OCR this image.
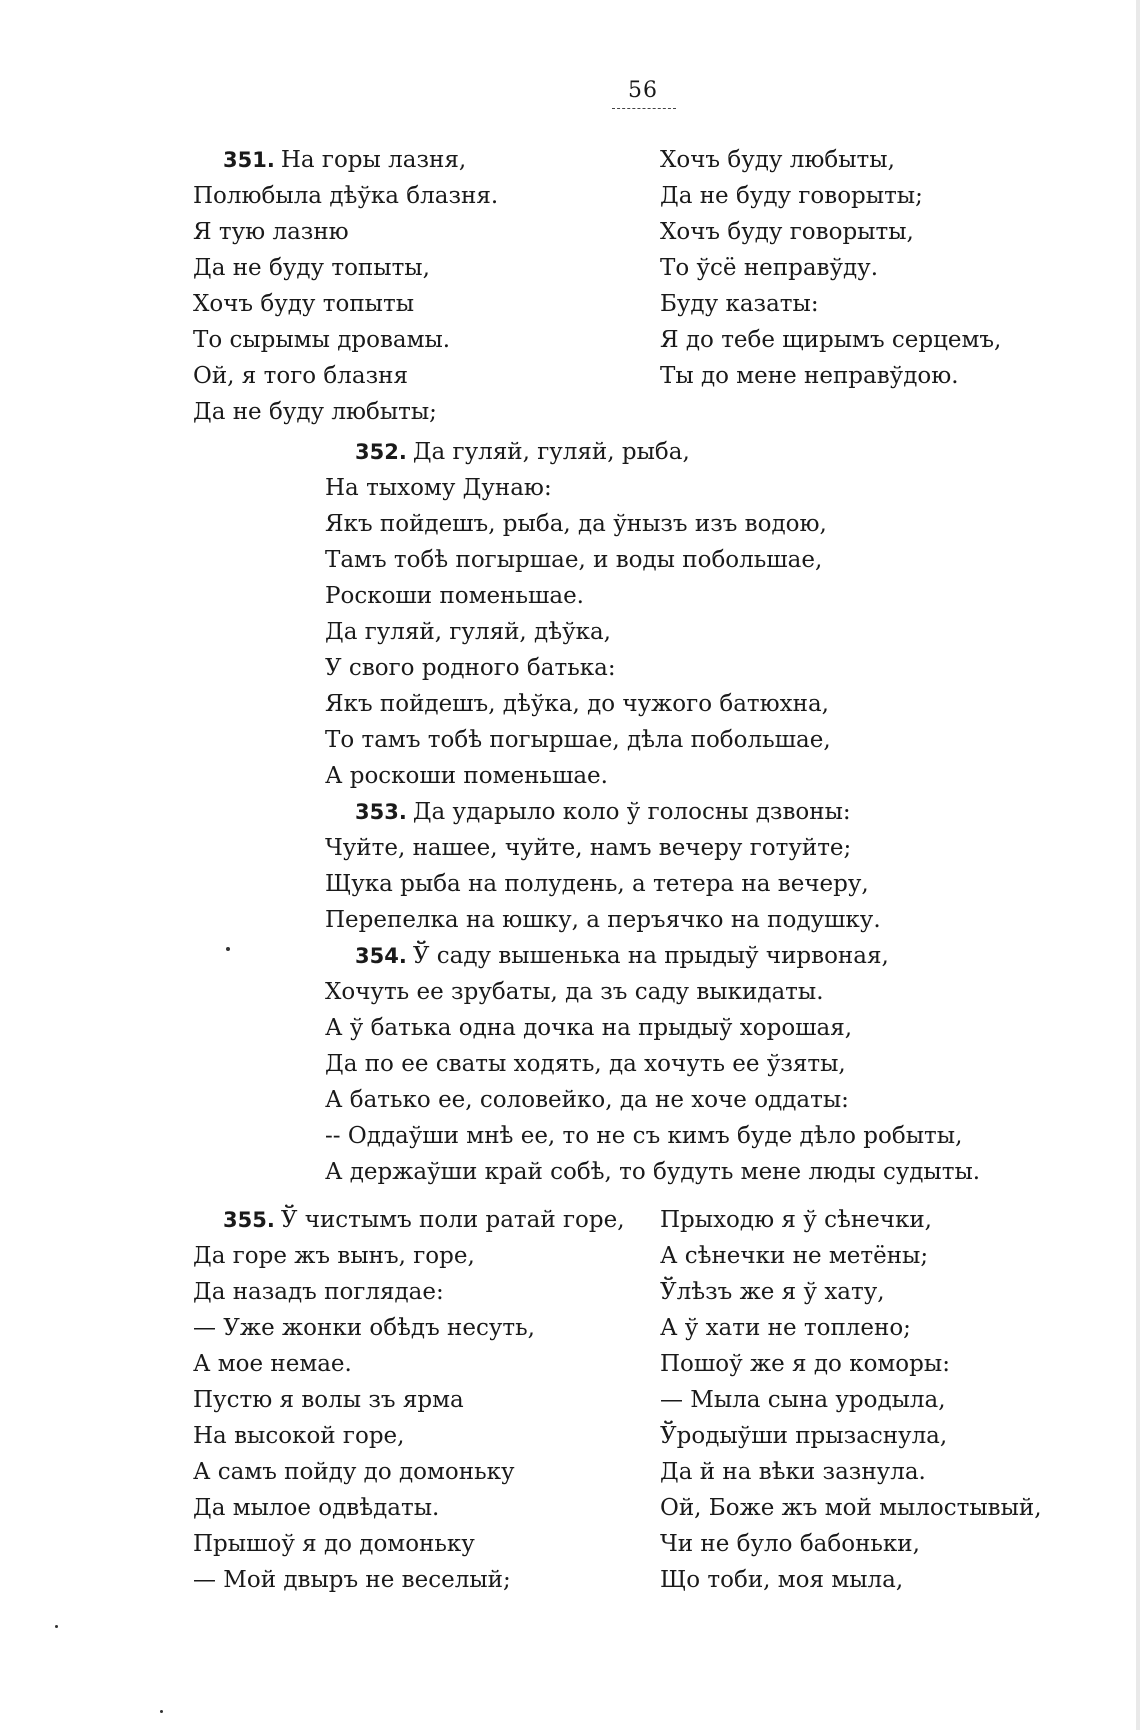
56
351. На горы лазня,
Полюбыла дѣўка блазня.
Я тую лазню
Да не буду топыты,
Хочъ буду топыты
То сырымы дровамы.
Ой, я того блазня
Да не буду любыты;
Хочъ буду любыты,
Да не буду говорыты;
Хочъ буду говорыты,
То ўсё неправўду.
Буду казаты:
Я до тебе щирымъ серцемъ,
Ты до мене неправўдою.
352. Да гуляй, гуляй, рыба,
На тыхому Дунаю:
Якъ пойдешъ, рыба, да ўнызъ изъ водою,
Тамъ тобѣ погыршае, и воды побольшае,
Роскоши поменьшае.
Да гуляй, гуляй, дѣўка,
У свого родного батька:
Якъ пойдешъ, дѣўка, до чужого батюхна,
То тамъ тобѣ погыршае, дѣла побольшае,
А роскоши поменьшае.
353. Да ударыло коло ў голосны дзвоны:
Чуйте, нашее, чуйте, намъ вечеру готуйте;
Щука рыба на полудень, а тетера на вечеру,
Перепелка на юшку, а перъячко на подушку.
354. Ў саду вышенька на прыдыў чирвоная,
Хочуть ее зрубаты, да зъ саду выкидаты.
А ў батька одна дочка на прыдыў хорошая,
Да по ее сваты ходять, да хочуть ее ўзяты,
А батько ее, соловейко, да не хоче оддаты:
-- Оддаўши мнѣ ее, то не съ кимъ буде дѣло робыты,
А держаўши край собѣ, то будуть мене люды судыты.
355. Ў чистымъ поли ратай горе,
Да горе жъ вынъ, горе,
Да назадъ поглядае:
— Уже жонки обѣдъ несуть,
А мое немае.
Пустю я волы зъ ярма
На высокой горе,
А самъ пойду до домоньку
Да мылое одвѣдаты.
Прышоў я до домоньку
— Мой двыръ не веселый;
Прыходю я ў сѣнечки,
А сѣнечки не метёны;
Ўлѣзъ же я ў хату,
А ў хати не топлено;
Пошоў же я до коморы:
— Мыла сына уродыла,
Ўродыўши прызаснула,
Да й на вѣки зазнула.
Ой, Боже жъ мой мылостывый,
Чи не було бабоньки,
Що тоби, моя мыла,
